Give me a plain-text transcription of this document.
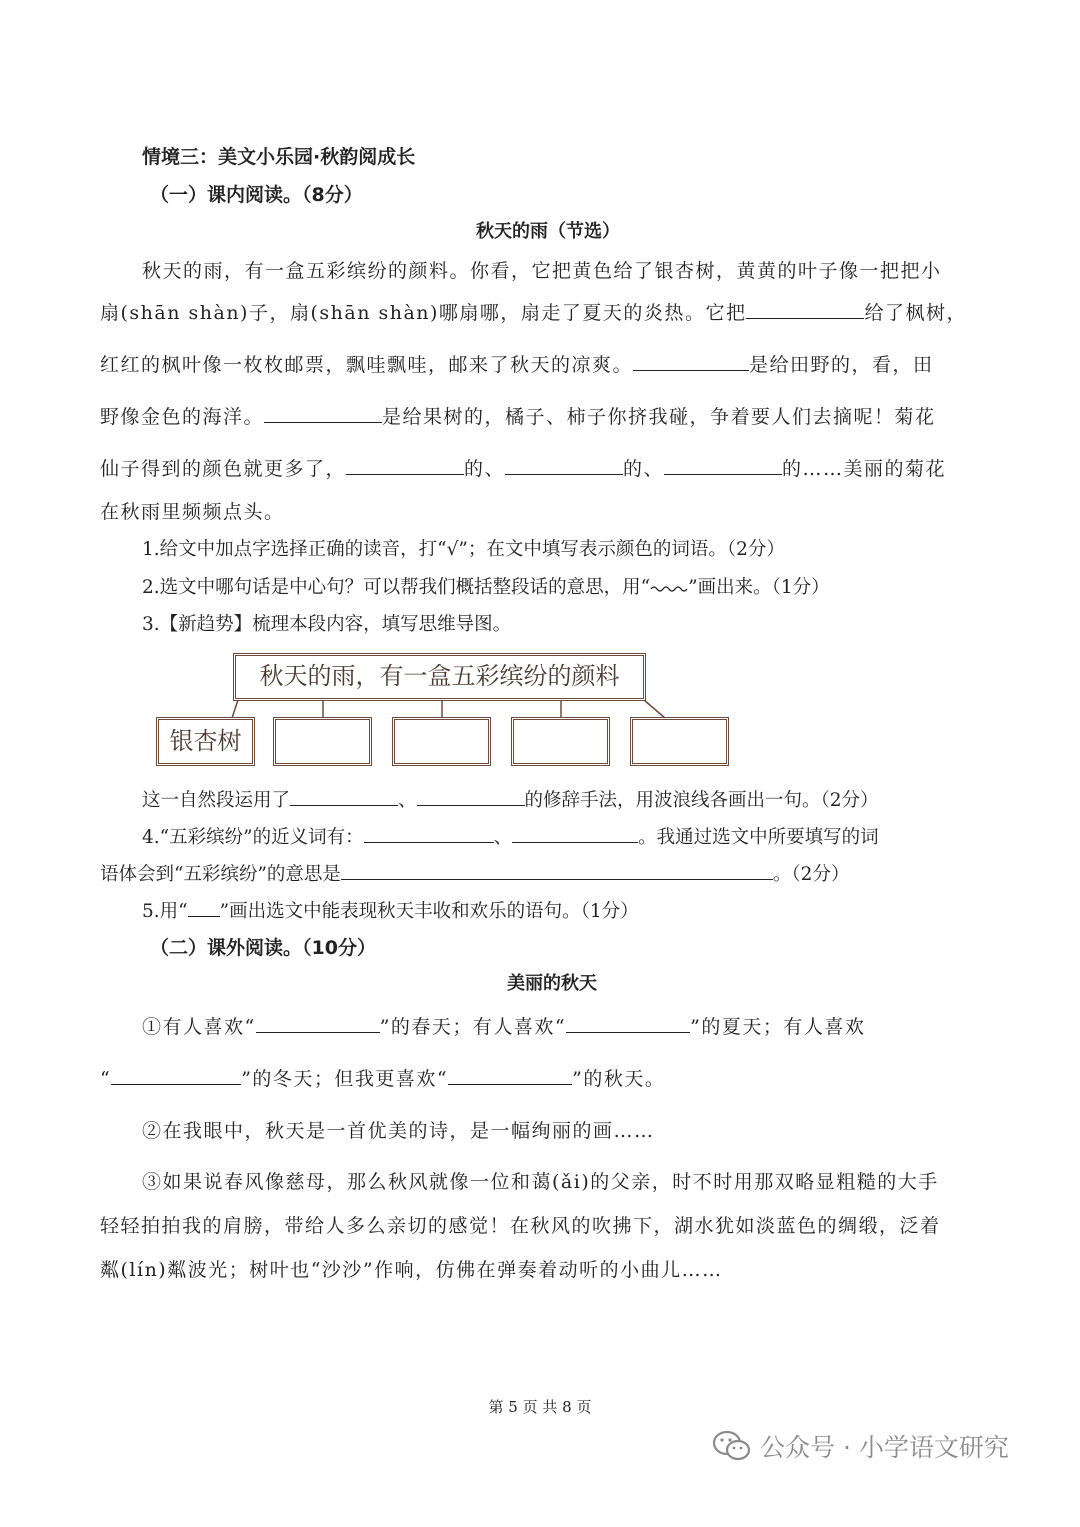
情境三：美文小乐园·秋韵阅成长
（一）课内阅读。（8分）
秋天的雨（节选）
秋天的雨，有一盒五彩缤纷的颜料。你看，它把黄色给了银杏树，黄黄的叶子像一把把小
扇(shān shàn)子，扇(shān shàn)哪扇哪，扇走了夏天的炎热。它把	给了枫树，
红红的枫叶像一枚枚邮票，飘哇飘哇，邮来了秋天的凉爽。	是给田野的，看，田
野像金色的海洋。	是给果树的，橘子、柿子你挤我碰，争着要人们去摘呢！菊花
仙子得到的颜色就更多了，	的、	的、	的……美丽的菊花
在秋雨里频频点头。
1.给文中加点字选择正确的读音，打“√”；在文中填写表示颜色的词语。（2分）
2.选文中哪句话是中心句？可以帮我们概括整段话的意思，用“ ”画出来。（1分）
3.【新趋势】梳理本段内容，填写思维导图。
秋天的雨，有一盒五彩缤纷的颜料
银杏树
这一自然段运用了	、	的修辞手法，用波浪线各画出一句。（2分）
4.“五彩缤纷”的近义词有：	、	。我通过选文中所要填写的词
语体会到“五彩缤纷”的意思是	。（2分）
5.用“ ”画出选文中能表现秋天丰收和欢乐的语句。（1分）
（二）课外阅读。（10分）
美丽的秋天
①有人喜欢“	”的春天；有人喜欢“	”的夏天；有人喜欢
“	”的冬天；但我更喜欢“	”的秋天。
②在我眼中，秋天是一首优美的诗，是一幅绚丽的画……
③如果说春风像慈母，那么秋风就像一位和蔼(ǎi)的父亲，时不时用那双略显粗糙的大手
轻轻拍拍我的肩膀，带给人多么亲切的感觉！在秋风的吹拂下，湖水犹如淡蓝色的绸缎，泛着
粼(lín)粼波光；树叶也“沙沙”作响，仿佛在弹奏着动听的小曲儿……
第 5 页 共 8 页
公众号 · 小学语文研究
